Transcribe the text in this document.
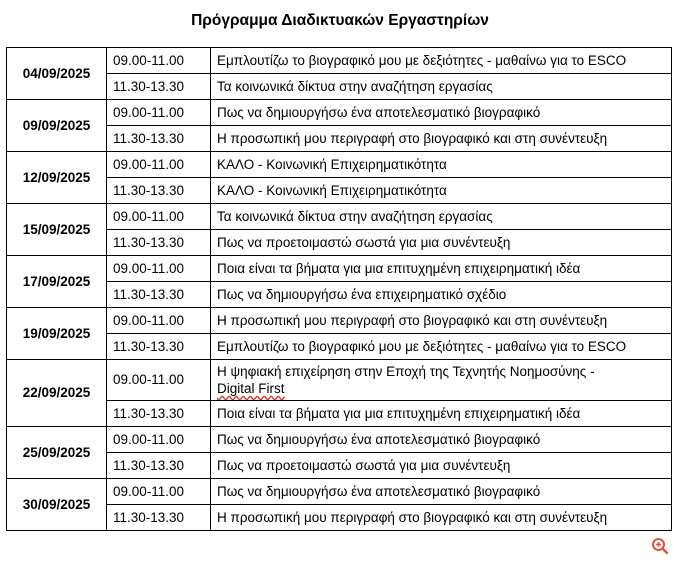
Πρόγραμμα Διαδικτυακών Εργαστηρίων
04/09/2025	09.00-11.00	Εμπλουτίζω το βιογραφικό μου με δεξιότητες - μαθαίνω για το ESCO
	11.30-13.30	Τα κοινωνικά δίκτυα στην αναζήτηση εργασίας
09/09/2025	09.00-11.00	Πως να δημιουργήσω ένα αποτελεσματικό βιογραφικό
	11.30-13.30	Η προσωπική μου περιγραφή στο βιογραφικό και στη συνέντευξη
12/09/2025	09.00-11.00	ΚΑΛΟ - Κοινωνική Επιχειρηματικότητα
	11.30-13.30	ΚΑΛΟ - Κοινωνική Επιχειρηματικότητα
15/09/2025	09.00-11.00	Τα κοινωνικά δίκτυα στην αναζήτηση εργασίας
	11.30-13.30	Πως να προετοιμαστώ σωστά για μια συνέντευξη
17/09/2025	09.00-11.00	Ποια είναι τα βήματα για μια επιτυχημένη επιχειρηματική ιδέα
	11.30-13.30	Πως να δημιουργήσω ένα επιχειρηματικό σχέδιο
19/09/2025	09.00-11.00	Η προσωπική μου περιγραφή στο βιογραφικό και στη συνέντευξη
	11.30-13.30	Εμπλουτίζω το βιογραφικό μου με δεξιότητες - μαθαίνω για το ESCO
22/09/2025	09.00-11.00	Η ψηφιακή επιχείρηση στην Εποχή της Τεχνητής Νοημοσύνης -
Digital First
	11.30-13.30	Ποια είναι τα βήματα για μια επιτυχημένη επιχειρηματική ιδέα
25/09/2025	09.00-11.00	Πως να δημιουργήσω ένα αποτελεσματικό βιογραφικό
	11.30-13.30	Πως να προετοιμαστώ σωστά για μια συνέντευξη
30/09/2025	09.00-11.00	Πως να δημιουργήσω ένα αποτελεσματικό βιογραφικό
	11.30-13.30	Η προσωπική μου περιγραφή στο βιογραφικό και στη συνέντευξη
